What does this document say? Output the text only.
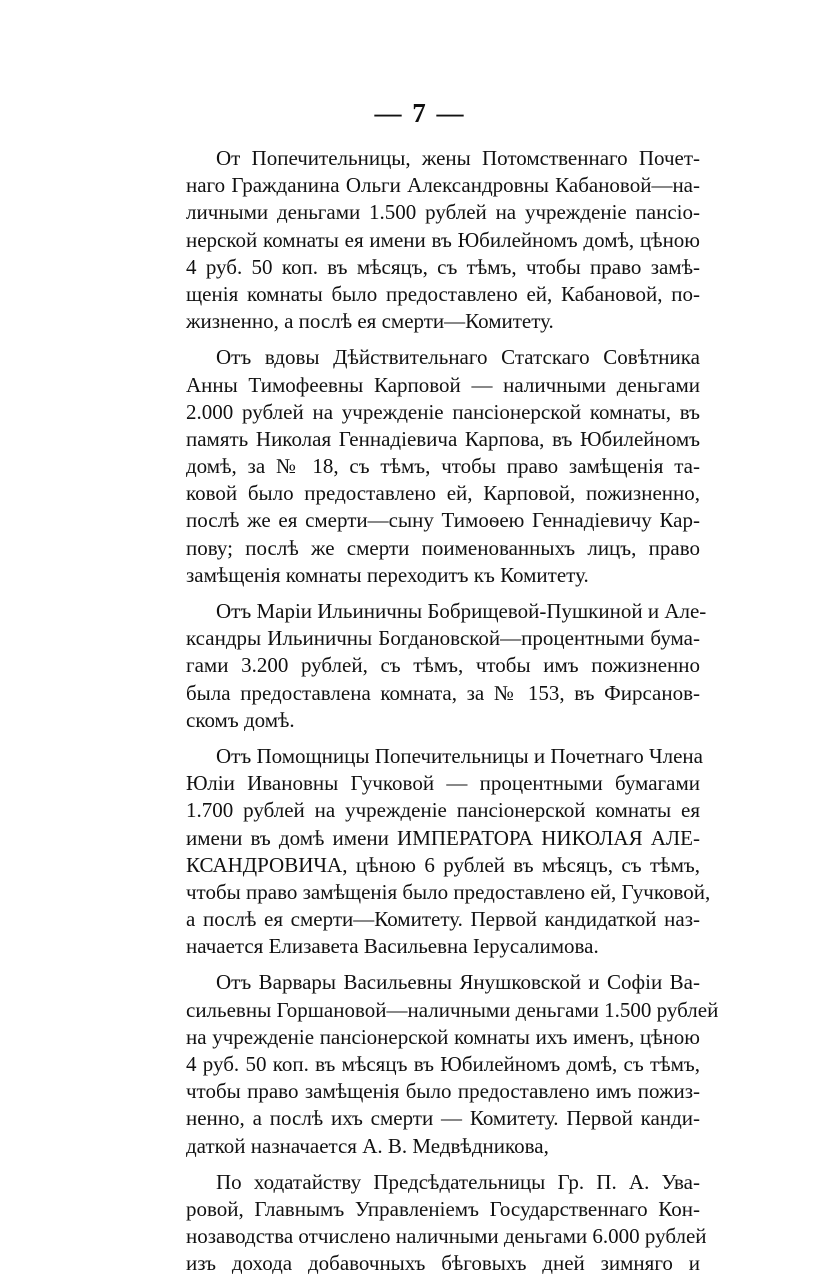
— 7 —
От Попечительницы, жены Потомственнаго Почет-
наго Гражданина Ольги Александровны Кабановой—на-
личными деньгами 1.500 рублей на учрежденіе пансіо-
нерской комнаты ея имени въ Юбилейномъ домѣ, цѣною
4 руб. 50 коп. въ мѣсяцъ, съ тѣмъ, чтобы право замѣ-
щенія комнаты было предоставлено ей, Кабановой, по-
жизненно, а послѣ ея смерти—Комитету.
Отъ вдовы Дѣйствительнаго Статскаго Совѣтника
Анны Тимофеевны Карповой — наличными деньгами
2.000 рублей на учрежденіе пансіонерской комнаты, въ
память Николая Геннадіевича Карпова, въ Юбилейномъ
домѣ, за № 18, съ тѣмъ, чтобы право замѣщенія та-
ковой было предоставлено ей, Карповой, пожизненно,
послѣ же ея смерти—сыну Тимоѳею Геннадіевичу Кар-
пову; послѣ же смерти поименованныхъ лицъ, право
замѣщенія комнаты переходитъ къ Комитету.
Отъ Маріи Ильиничны Бобрищевой-Пушкиной и Але-
ксандры Ильиничны Богдановской—процентными бума-
гами 3.200 рублей, съ тѣмъ, чтобы имъ пожизненно
была предоставлена комната, за № 153, въ Фирсанов-
скомъ домѣ.
Отъ Помощницы Попечительницы и Почетнаго Члена
Юліи Ивановны Гучковой — процентными бумагами
1.700 рублей на учрежденіе пансіонерской комнаты ея
имени въ домѣ имени ИМПЕРАТОРА НИКОЛАЯ АЛЕ-
КСАНДРОВИЧА, цѣною 6 рублей въ мѣсяцъ, съ тѣмъ,
чтобы право замѣщенія было предоставлено ей, Гучковой,
а послѣ ея смерти—Комитету. Первой кандидаткой наз-
начается Елизавета Васильевна Іерусалимова.
Отъ Варвары Васильевны Янушковской и Софіи Ва-
сильевны Горшановой—наличными деньгами 1.500 рублей
на учрежденіе пансіонерской комнаты ихъ именъ, цѣною
4 руб. 50 коп. въ мѣсяцъ въ Юбилейномъ домѣ, съ тѣмъ,
чтобы право замѣщенія было предоставлено имъ пожиз-
ненно, а послѣ ихъ смерти — Комитету. Первой канди-
даткой назначается А. В. Медвѣдникова,
По ходатайству Предсѣдательницы Гр. П. А. Ува-
ровой, Главнымъ Управленіемъ Государственнаго Кон-
нозаводства отчислено наличными деньгами 6.000 рублей
изъ дохода добавочныхъ бѣговыхъ дней зимняго и
